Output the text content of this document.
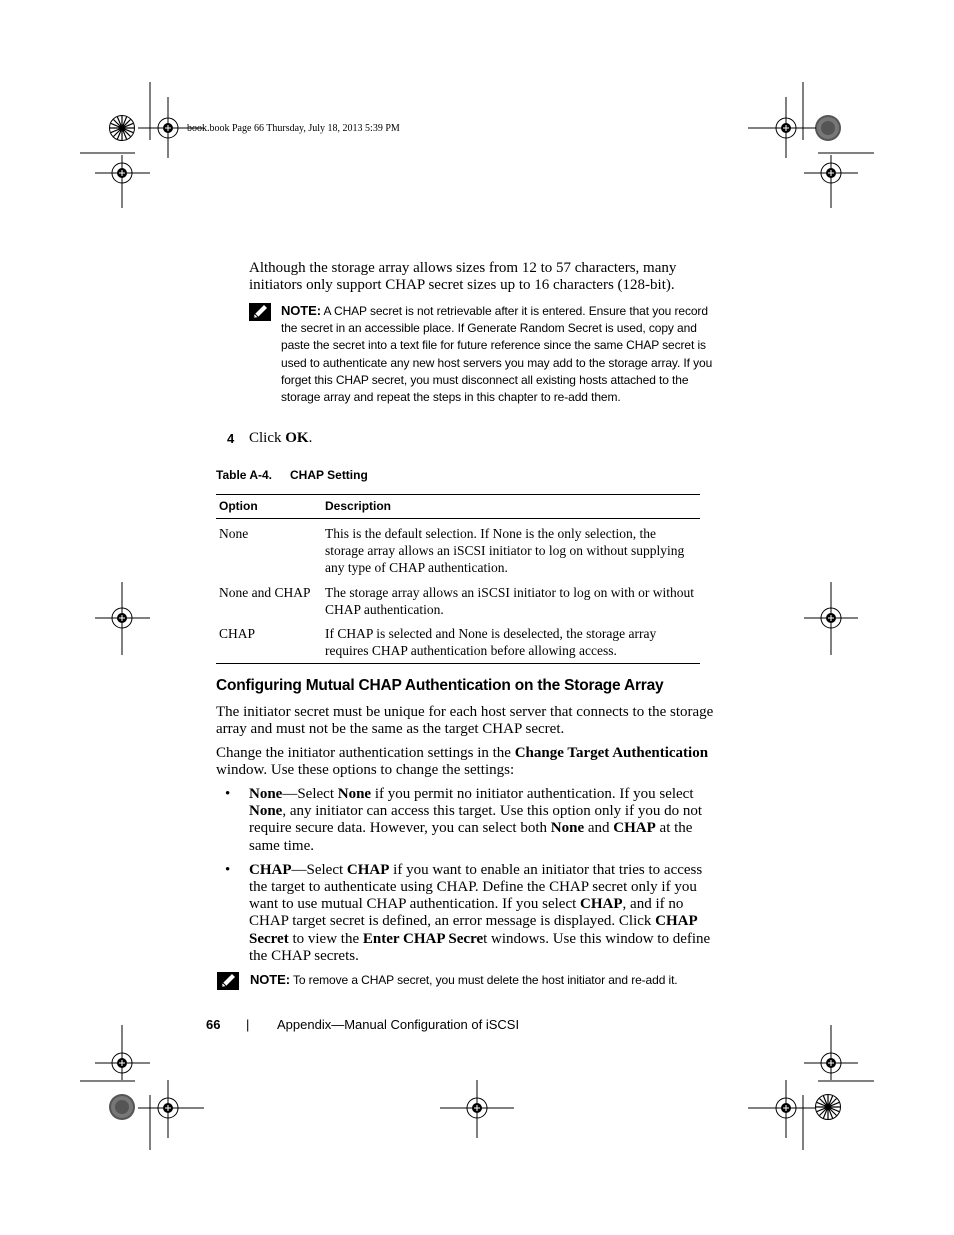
book.book Page 66 Thursday, July 18, 2013 5:39 PM
Although the storage array allows sizes from 12 to 57 characters, many initiators only support CHAP secret sizes up to 16 characters (128-bit).
NOTE: A CHAP secret is not retrievable after it is entered. Ensure that you record the secret in an accessible place. If Generate Random Secret is used, copy and paste the secret into a text file for future reference since the same CHAP secret is used to authenticate any new host servers you may add to the storage array. If you forget this CHAP secret, you must disconnect all existing hosts attached to the storage array and repeat the steps in this chapter to re-add them.
4 Click OK.
Table A-4. CHAP Setting
Option	Description
None	This is the default selection. If None is the only selection, the storage array allows an iSCSI initiator to log on without supplying any type of CHAP authentication.
None and CHAP	The storage array allows an iSCSI initiator to log on with or without CHAP authentication.
CHAP	If CHAP is selected and None is deselected, the storage array requires CHAP authentication before allowing access.
Configuring Mutual CHAP Authentication on the Storage Array
The initiator secret must be unique for each host server that connects to the storage array and must not be the same as the target CHAP secret.
Change the initiator authentication settings in the Change Target Authentication window. Use these options to change the settings:
• None—Select None if you permit no initiator authentication. If you select None, any initiator can access this target. Use this option only if you do not require secure data. However, you can select both None and CHAP at the same time.
• CHAP—Select CHAP if you want to enable an initiator that tries to access the target to authenticate using CHAP. Define the CHAP secret only if you want to use mutual CHAP authentication. If you select CHAP, and if no CHAP target secret is defined, an error message is displayed. Click CHAP Secret to view the Enter CHAP Secret windows. Use this window to define the CHAP secrets.
NOTE: To remove a CHAP secret, you must delete the host initiator and re-add it.
66 | Appendix—Manual Configuration of iSCSI
